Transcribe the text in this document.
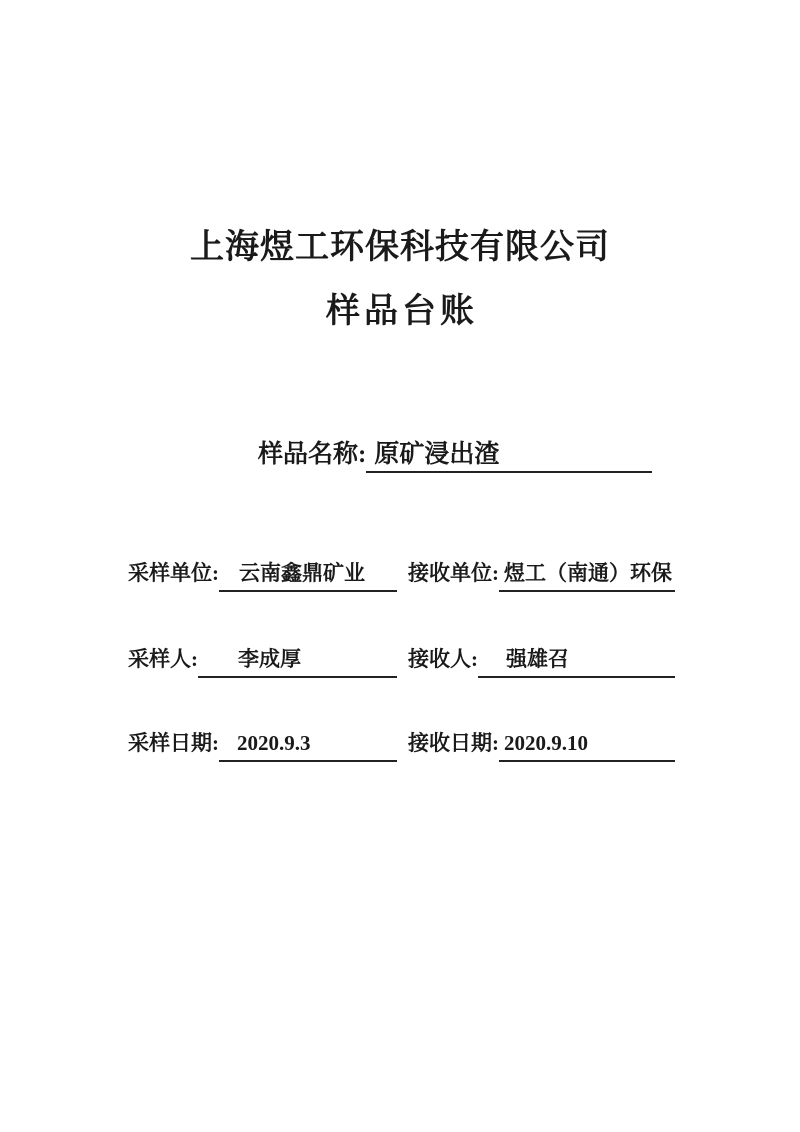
上海煜工环保科技有限公司
样品台账
样品名称: 原矿浸出渣
采样单位: 云南鑫鼎矿业	接收单位: 煜工（南通）环保
采样人:	李成厚	接收人:	强雄召
采样日期: 2020.9.3	接收日期: 2020.9.10
